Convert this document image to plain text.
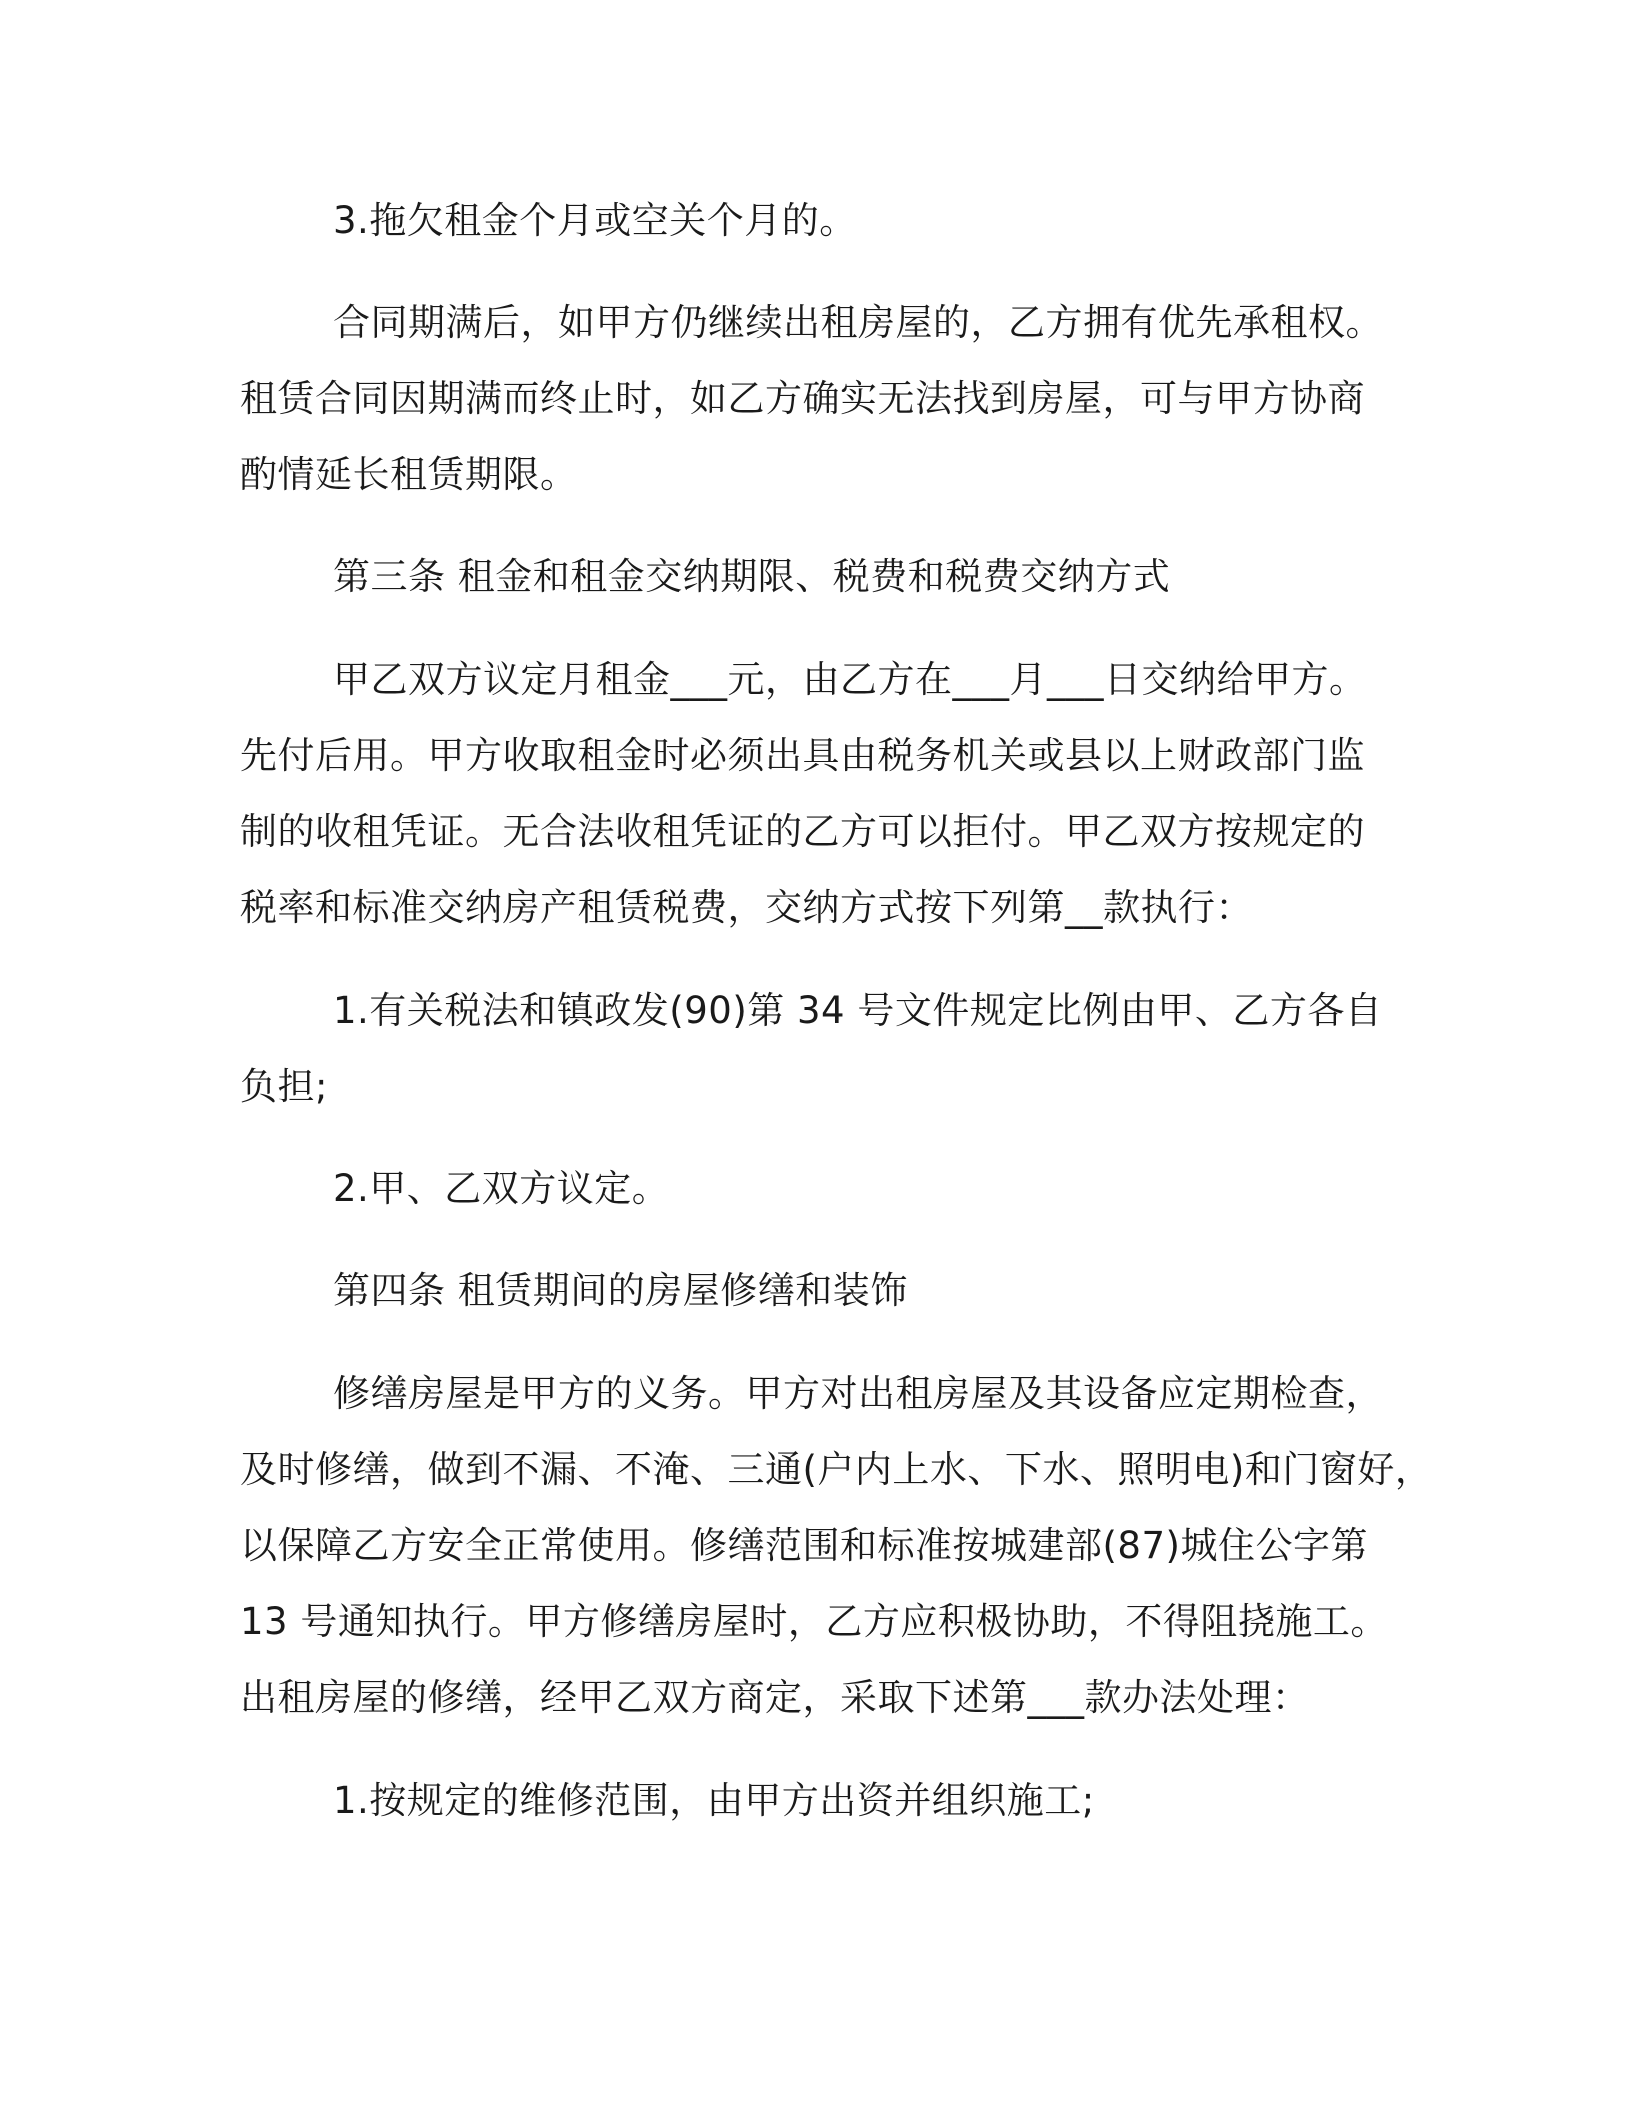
3.拖欠租金个月或空关个月的。
合同期满后，如甲方仍继续出租房屋的，乙方拥有优先承租权。
租赁合同因期满而终止时，如乙方确实无法找到房屋，可与甲方协商
酌情延长租赁期限。
第三条 租金和租金交纳期限、税费和税费交纳方式
甲乙双方议定月租金___元，由乙方在___月___日交纳给甲方。
先付后用。甲方收取租金时必须出具由税务机关或县以上财政部门监
制的收租凭证。无合法收租凭证的乙方可以拒付。甲乙双方按规定的
税率和标准交纳房产租赁税费，交纳方式按下列第__款执行：
1.有关税法和镇政发(90)第 34 号文件规定比例由甲、乙方各自
负担;
2.甲、乙双方议定。
第四条 租赁期间的房屋修缮和装饰
修缮房屋是甲方的义务。甲方对出租房屋及其设备应定期检查，
及时修缮，做到不漏、不淹、三通(户内上水、下水、照明电)和门窗好，
以保障乙方安全正常使用。修缮范围和标准按城建部(87)城住公字第
13 号通知执行。甲方修缮房屋时，乙方应积极协助，不得阻挠施工。
出租房屋的修缮，经甲乙双方商定，采取下述第___款办法处理：
1.按规定的维修范围，由甲方出资并组织施工;
